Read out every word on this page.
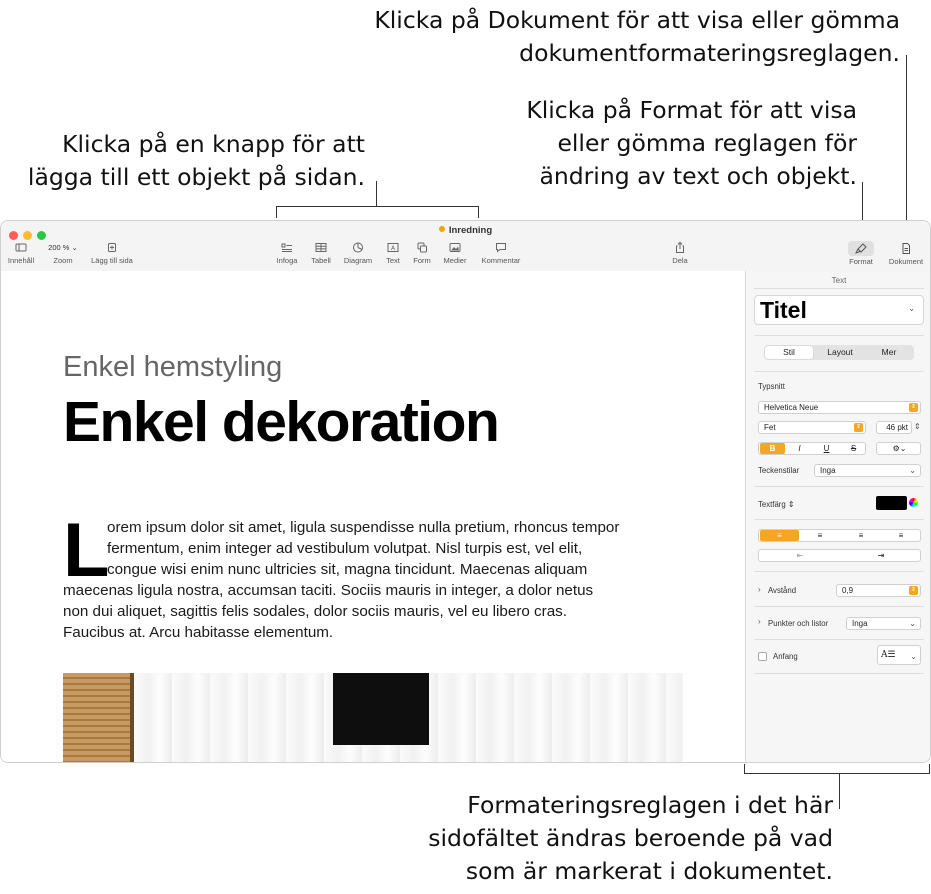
Klicka på Dokument för att visa eller gömma
dokumentformateringsreglagen.
Klicka på Format för att visa
eller gömma reglagen för
ändring av text och objekt.
Klicka på en knapp för att
lägga till ett objekt på sidan.
Formateringsreglagen i det här
sidofältet ändras beroende på vad
som är markerat i dokumentet.
Inredning
Innehåll
200 % ⌄
Zoom	Lägg till sida	Infoga	Tabell	Diagram
A
Text	Form	Medier	Kommentar	Dela	Format	Dokument
Enkel hemstyling
Enkel dekoration
L
orem ipsum dolor sit amet, ligula suspendisse nulla pretium, rhoncus tempor
fermentum, enim integer ad vestibulum volutpat. Nisl turpis est, vel elit,
congue wisi enim nunc ultricies sit, magna tincidunt. Maecenas aliquam
maecenas ligula nostra, accumsan taciti. Sociis mauris in integer, a dolor netus
non dui aliquet, sagittis felis sodales, dolor sociis mauris, vel eu libero cras.
Faucibus at. Arcu habitasse elementum.
Text
Titel	⌄
Stil	Layout	Mer
Typsnitt
Helvetica Neue	⇕
Fet	⇕	46 pkt ⇕
B	I	U	S	⚙⌄
Teckenstilar	Inga	⌄
Textfärg ⇕
≡	≡	≡	≡
⇤	⇥
› Avstånd	0,9	⇕
› Punkter och listor	Inga	⌄
Anfang	A☰ ⌄
